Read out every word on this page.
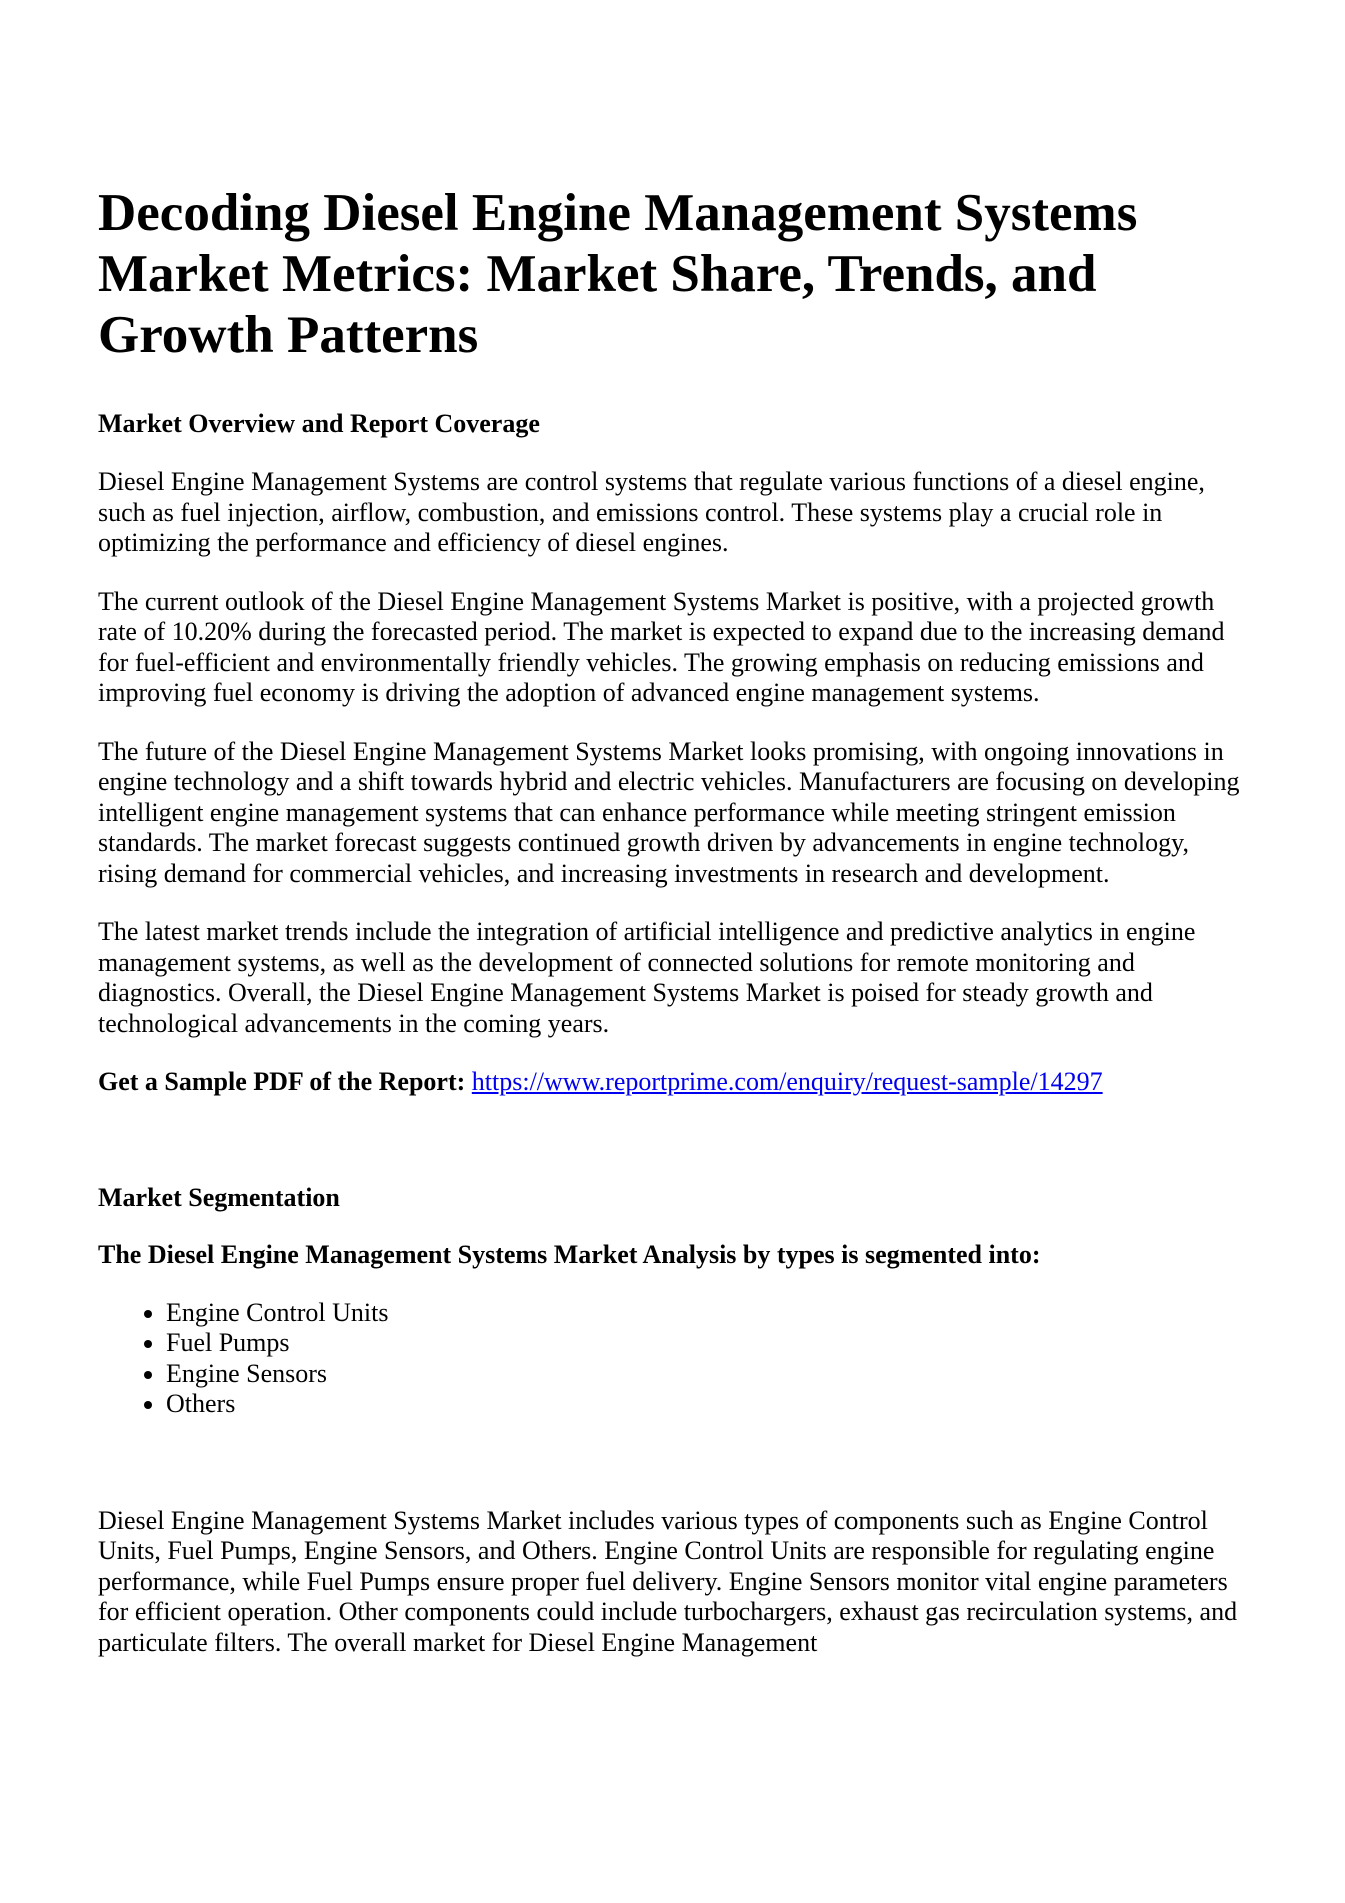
Decoding Diesel Engine Management Systems Market Metrics: Market Share, Trends, and Growth Patterns
Market Overview and Report Coverage

Diesel Engine Management Systems are control systems that regulate various functions of a diesel engine, such as fuel injection, airflow, combustion, and emissions control. These systems play a crucial role in optimizing the performance and efficiency of diesel engines.

The current outlook of the Diesel Engine Management Systems Market is positive, with a projected growth rate of 10.20% during the forecasted period. The market is expected to expand due to the increasing demand for fuel-efficient and environmentally friendly vehicles. The growing emphasis on reducing emissions and improving fuel economy is driving the adoption of advanced engine management systems.

The future of the Diesel Engine Management Systems Market looks promising, with ongoing innovations in engine technology and a shift towards hybrid and electric vehicles. Manufacturers are focusing on developing intelligent engine management systems that can enhance performance while meeting stringent emission standards. The market forecast suggests continued growth driven by advancements in engine technology, rising demand for commercial vehicles, and increasing investments in research and development.

The latest market trends include the integration of artificial intelligence and predictive analytics in engine management systems, as well as the development of connected solutions for remote monitoring and diagnostics. Overall, the Diesel Engine Management Systems Market is poised for steady growth and technological advancements in the coming years.

Get a Sample PDF of the Report: https://www.reportprime.com/enquiry/request-sample/14297

Market Segmentation
The Diesel Engine Management Systems Market Analysis by types is segmented into:
• Engine Control Units
• Fuel Pumps
• Engine Sensors
• Others

Diesel Engine Management Systems Market includes various types of components such as Engine Control Units, Fuel Pumps, Engine Sensors, and Others. Engine Control Units are responsible for regulating engine performance, while Fuel Pumps ensure proper fuel delivery. Engine Sensors monitor vital engine parameters for efficient operation. Other components could include turbochargers, exhaust gas recirculation systems, and particulate filters. The overall market for Diesel Engine Management
